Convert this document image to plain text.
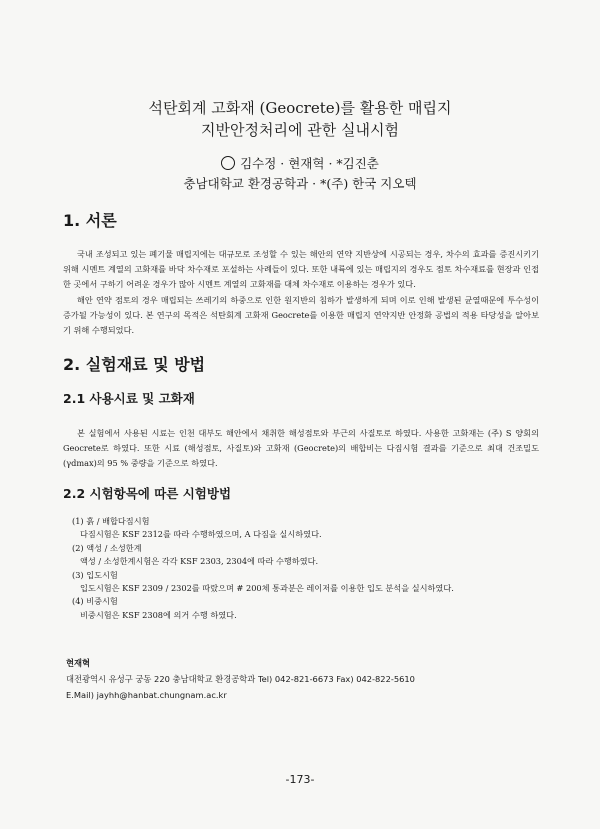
석탄회계 고화재 (Geocrete)를 활용한 매립지
지반안정처리에 관한 실내시험
김수정 · 현재혁 · *김진춘
충남대학교 환경공학과 · *(주) 한국 지오텍
1. 서론

국내 조성되고 있는 폐기물 매립지에는 대규모로 조성할 수 있는 해안의 연약 지반상에 시공되는 경우, 차수의 효과를 증진시키기 위해 시멘트 계열의 고화재를 바닥 차수재로 포설하는 사례들이 있다. 또한 내륙에 있는 매립지의 경우도 점토 차수재료를 현장과 인접한 곳에서 구하기 어려운 경우가 많아 시멘트 계열의 고화재를 대체 차수재로 이용하는 경우가 있다.

해안 연약 점토의 경우 매립되는 쓰레기의 하중으로 인한 원지반의 침하가 발생하게 되며 이로 인해 발생된 균열때문에 투수성이 증가될 가능성이 있다. 본 연구의 목적은 석탄회계 고화재 Geocrete를 이용한 매립지 연약지반 안정화 공법의 적용 타당성을 알아보기 위해 수행되었다.

2. 실험재료 및 방법
2.1 사용시료 및 고화재

본 실험에서 사용된 시료는 인천 대부도 해안에서 채취한 해성점토와 부근의 사질토로 하였다. 사용한 고화재는 (주) S 양회의 Geocrete로 하였다. 또한 시료 (해성점토, 사질토)와 고화재 (Geocrete)의 배합비는 다짐시험 결과를 기준으로 최대 건조밀도 (γdmax)의 95 % 중량을 기준으로 하였다.

2.2 시험항목에 따른 시험방법
(1) 흙 / 배합다짐시험
다짐시험은 KSF 2312를 따라 수행하였으며, A 다짐을 실시하였다.
(2) 액성 / 소성한계
액성 / 소성한계시험은 각각 KSF 2303, 2304에 따라 수행하였다.
(3) 입도시험
입도시험은 KSF 2309 / 2302를 따랐으며 # 200체 통과분은 레이저를 이용한 입도 분석을 실시하였다.
(4) 비중시험
비중시험은 KSF 2308에 의거 수행 하였다.
현재혁
대전광역시 유성구 궁동 220 충남대학교 환경공학과 Tel) 042-821-6673 Fax) 042-822-5610
E.Mail) jayhh@hanbat.chungnam.ac.kr
-173-
